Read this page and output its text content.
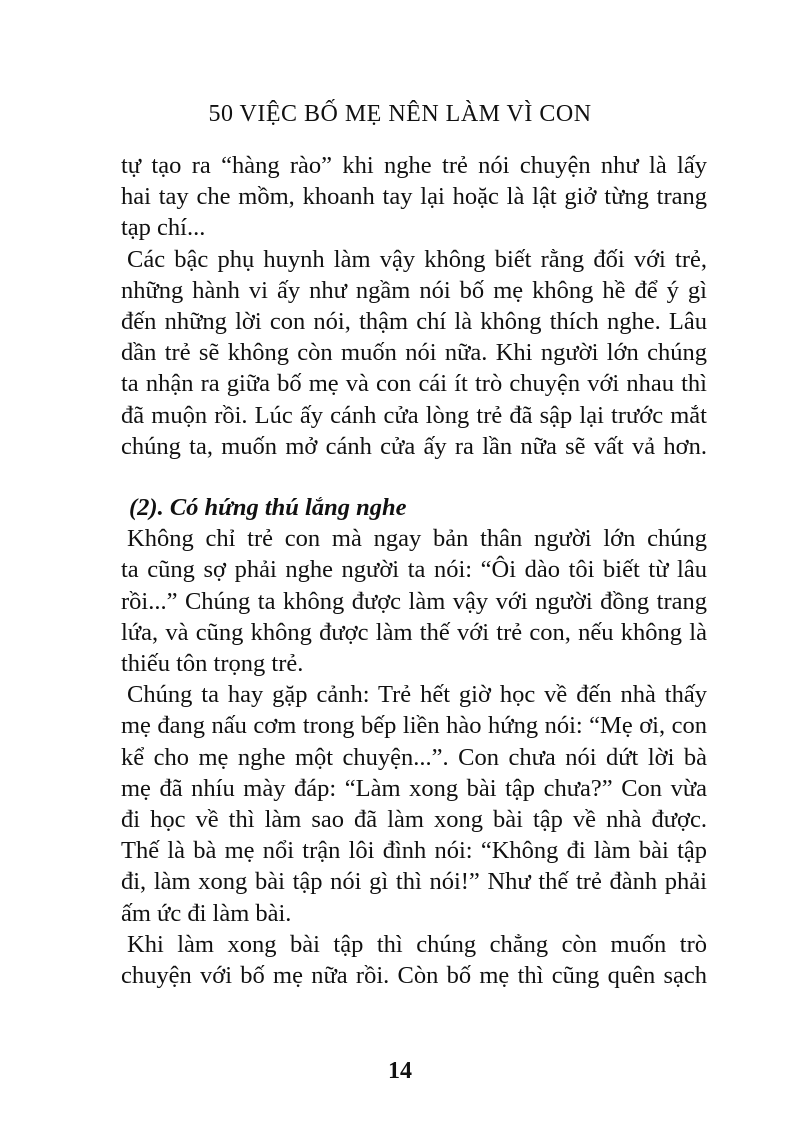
50 VIỆC BỐ MẸ NÊN LÀM VÌ CON
tự tạo ra “hàng rào” khi nghe trẻ nói chuyện như là lấy
hai tay che mồm, khoanh tay lại hoặc là lật giở từng trang
tạp chí...
Các bậc phụ huynh làm vậy không biết rằng đối với trẻ,
những hành vi ấy như ngầm nói bố mẹ không hề để ý gì
đến những lời con nói, thậm chí là không thích nghe. Lâu
dần trẻ sẽ không còn muốn nói nữa. Khi người lớn chúng
ta nhận ra giữa bố mẹ và con cái ít trò chuyện với nhau thì
đã muộn rồi. Lúc ấy cánh cửa lòng trẻ đã sập lại trước mắt
chúng ta, muốn mở cánh cửa ấy ra lần nữa sẽ vất vả hơn.
(2). Có hứng thú lắng nghe
Không chỉ trẻ con mà ngay bản thân người lớn chúng
ta cũng sợ phải nghe người ta nói: “Ôi dào tôi biết từ lâu
rồi...” Chúng ta không được làm vậy với người đồng trang
lứa, và cũng không được làm thế với trẻ con, nếu không là
thiếu tôn trọng trẻ.
Chúng ta hay gặp cảnh: Trẻ hết giờ học về đến nhà thấy
mẹ đang nấu cơm trong bếp liền hào hứng nói: “Mẹ ơi, con
kể cho mẹ nghe một chuyện...”. Con chưa nói dứt lời bà
mẹ đã nhíu mày đáp: “Làm xong bài tập chưa?” Con vừa
đi học về thì làm sao đã làm xong bài tập về nhà được.
Thế là bà mẹ nổi trận lôi đình nói: “Không đi làm bài tập
đi, làm xong bài tập nói gì thì nói!” Như thế trẻ đành phải
ấm ức đi làm bài.
Khi làm xong bài tập thì chúng chẳng còn muốn trò
chuyện với bố mẹ nữa rồi. Còn bố mẹ thì cũng quên sạch
14
